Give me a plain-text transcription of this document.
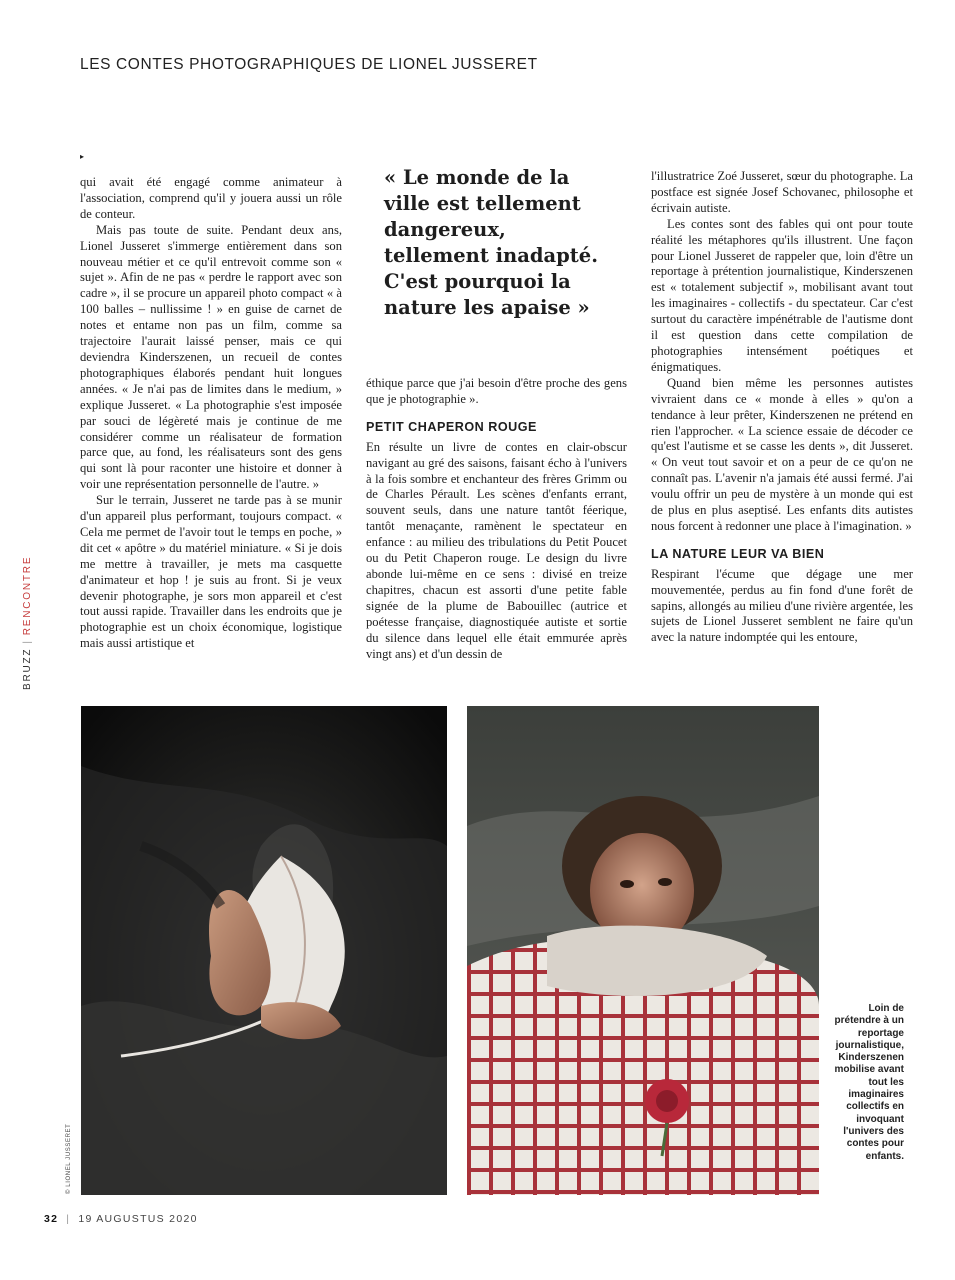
LES CONTES PHOTOGRAPHIQUES DE LIONEL JUSSERET
▸

qui avait été engagé comme animateur à l'association, comprend qu'il y jouera aussi un rôle de conteur.

Mais pas toute de suite. Pendant deux ans, Lionel Jusseret s'immerge entièrement dans son nouveau métier et ce qu'il entrevoit comme son « sujet ». Afin de ne pas « perdre le rapport avec son cadre », il se procure un appareil photo compact « à 100 balles – nullissime ! » en guise de carnet de notes et entame non pas un film, comme sa trajectoire l'aurait laissé penser, mais ce qui deviendra Kinderszenen, un recueil de contes photographiques élaborés pendant huit longues années. « Je n'ai pas de limites dans le medium, » explique Jusseret. « La photographie s'est imposée par souci de légèreté mais je continue de me considérer comme un réalisateur de formation parce que, au fond, les réalisateurs sont des gens qui sont là pour raconter une histoire et donner à voir une représentation personnelle de l'autre. »

Sur le terrain, Jusseret ne tarde pas à se munir d'un appareil plus performant, toujours compact. « Cela me permet de l'avoir tout le temps en poche, » dit cet « apôtre » du matériel miniature. « Si je dois me mettre à travailler, je mets ma casquette d'animateur et hop ! je suis au front. Si je veux devenir photographe, je sors mon appareil et c'est tout aussi rapide. Travailler dans les endroits que je photographie est un choix économique, logistique mais aussi artistique et

« Le monde de la ville est tellement dangereux, tellement inadapté. C'est pourquoi la nature les apaise »

éthique parce que j'ai besoin d'être proche des gens que je photographie ».

PETIT CHAPERON ROUGE

En résulte un livre de contes en clair-obscur navigant au gré des saisons, faisant écho à l'univers à la fois sombre et enchanteur des frères Grimm ou de Charles Pérault. Les scènes d'enfants errant, souvent seuls, dans une nature tantôt féerique, tantôt menaçante, ramènent le spectateur en enfance : au milieu des tribulations du Petit Poucet ou du Petit Chaperon rouge. Le design du livre abonde lui-même en ce sens : divisé en treize chapitres, chacun est assorti d'une petite fable signée de la plume de Babouillec (autrice et poétesse française, diagnostiquée autiste et sortie du silence dans lequel elle était emmurée après vingt ans) et d'un dessin de

l'illustratrice Zoé Jusseret, sœur du photographe. La postface est signée Josef Schovanec, philosophe et écrivain autiste.

Les contes sont des fables qui ont pour toute réalité les métaphores qu'ils illustrent. Une façon pour Lionel Jusseret de rappeler que, loin d'être un reportage à prétention journalistique, Kinderszenen est « totalement subjectif », mobilisant avant tout les imaginaires - collectifs - du spectateur. Car c'est surtout du caractère impénétrable de l'autisme dont il est question dans cette compilation de photographies intensément poétiques et énigmatiques.

Quand bien même les personnes autistes vivraient dans ce « monde à elles » qu'on a tendance à leur prêter, Kinderszenen ne prétend en rien l'approcher. « La science essaie de décoder ce qu'est l'autisme et se casse les dents », dit Jusseret. « On veut tout savoir et on a peur de ce qu'on ne connaît pas. L'avenir n'a jamais été aussi fermé. J'ai voulu offrir un peu de mystère à un monde qui est de plus en plus aseptisé. Les enfants dits autistes nous forcent à redonner une place à l'imagination. »

LA NATURE LEUR VA BIEN

Respirant l'écume que dégage une mer mouvementée, perdus au fin fond d'une forêt de sapins, allongés au milieu d'une rivière argentée, les sujets de Lionel Jusseret semblent ne faire qu'un avec la nature indomptée qui les entoure,

BRUZZ|RENCONTRE
© LIONEL JUSSERET
Loin de prétendre à un reportage journalistique, Kinderszenen mobilise avant tout les imaginaires collectifs en invoquant l'univers des contes pour enfants.
32 | 19 AUGUSTUS 2020
